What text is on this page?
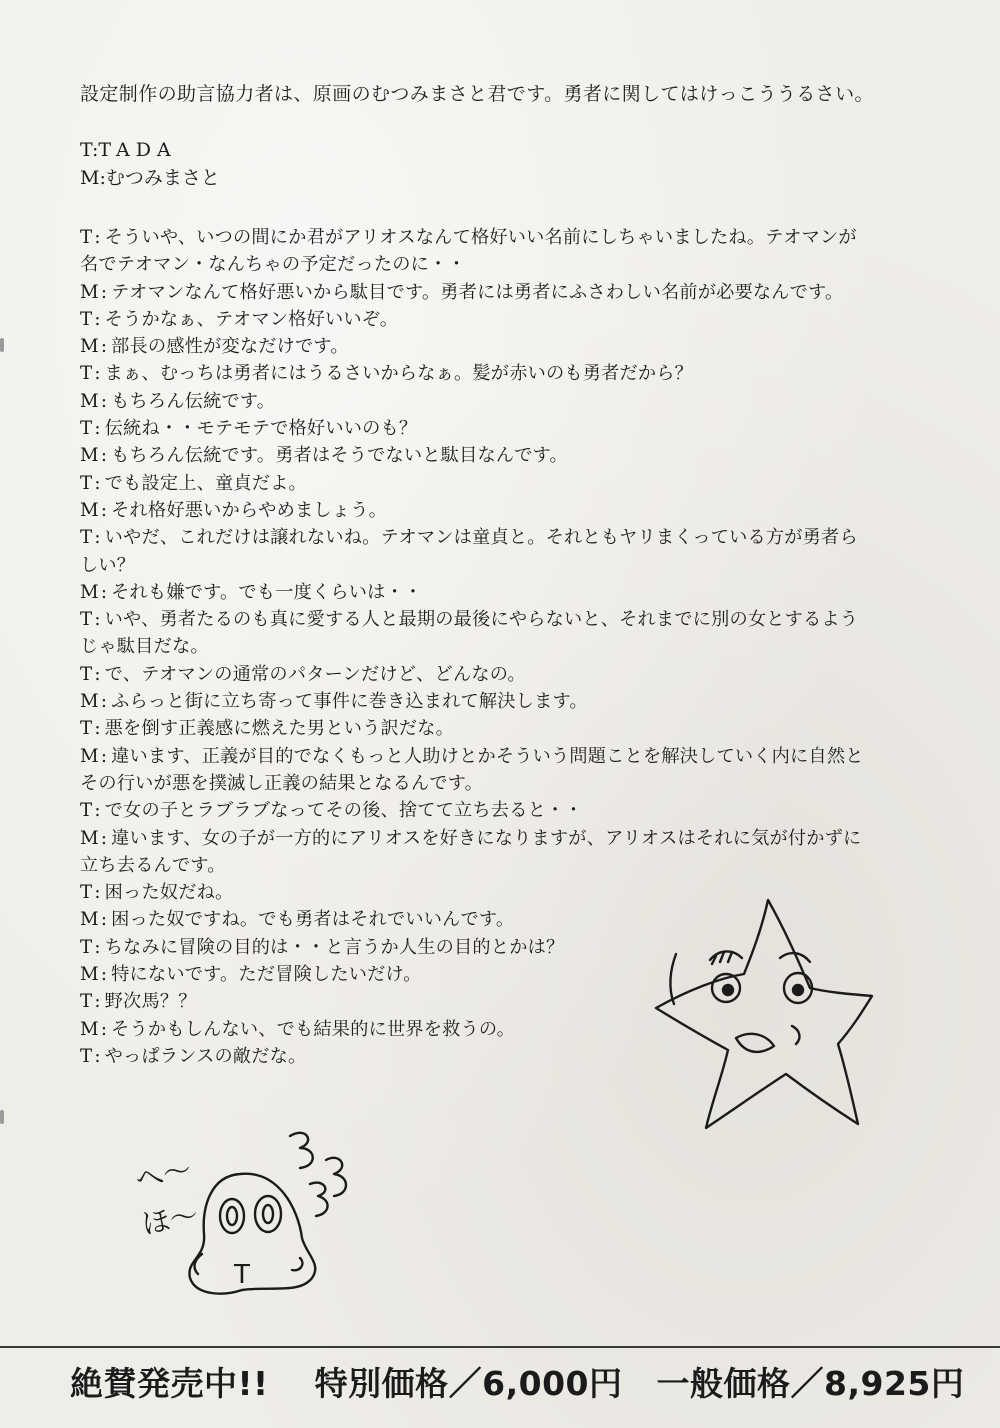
設定制作の助言協力者は、原画のむつみまさと君です。勇者に関してはけっこううるさい。
T:TADA
M:むつみまさと
T : そういや、いつの間にか君がアリオスなんて格好いい名前にしちゃいましたね。テオマンが
名でテオマン・なんちゃの予定だったのに・・
M : テオマンなんて格好悪いから駄目です。勇者には勇者にふさわしい名前が必要なんです。
T : そうかなぁ、テオマン格好いいぞ。
M : 部長の感性が変なだけです。
T : まぁ、むっちは勇者にはうるさいからなぁ。髪が赤いのも勇者だから？
M : もちろん伝統です。
T : 伝統ね・・モテモテで格好いいのも？
M : もちろん伝統です。勇者はそうでないと駄目なんです。
T : でも設定上、童貞だよ。
M : それ格好悪いからやめましょう。
T : いやだ、これだけは譲れないね。テオマンは童貞と。それともヤリまくっている方が勇者ら
しい？
M : それも嫌です。でも一度くらいは・・
T : いや、勇者たるのも真に愛する人と最期の最後にやらないと、それまでに別の女とするよう
じゃ駄目だな。
T : で、テオマンの通常のパターンだけど、どんなの。
M : ふらっと街に立ち寄って事件に巻き込まれて解決します。
T : 悪を倒す正義感に燃えた男という訳だな。
M : 違います、正義が目的でなくもっと人助けとかそういう問題ことを解決していく内に自然と
その行いが悪を撲滅し正義の結果となるんです。
T : で女の子とラブラブなってその後、捨てて立ち去ると・・
M : 違います、女の子が一方的にアリオスを好きになりますが、アリオスはそれに気が付かずに
立ち去るんです。
T : 困った奴だね。
M : 困った奴ですね。でも勇者はそれでいいんです。
T : ちなみに冒険の目的は・・と言うか人生の目的とかは？
M : 特にないです。ただ冒険したいだけ。
T : 野次馬？？
M : そうかもしんない、でも結果的に世界を救うの。
T : やっぱランスの敵だな。
T
へ〜
ほ〜
絶賛発売中!! 特別価格／6,000円 一般価格／8,925円
